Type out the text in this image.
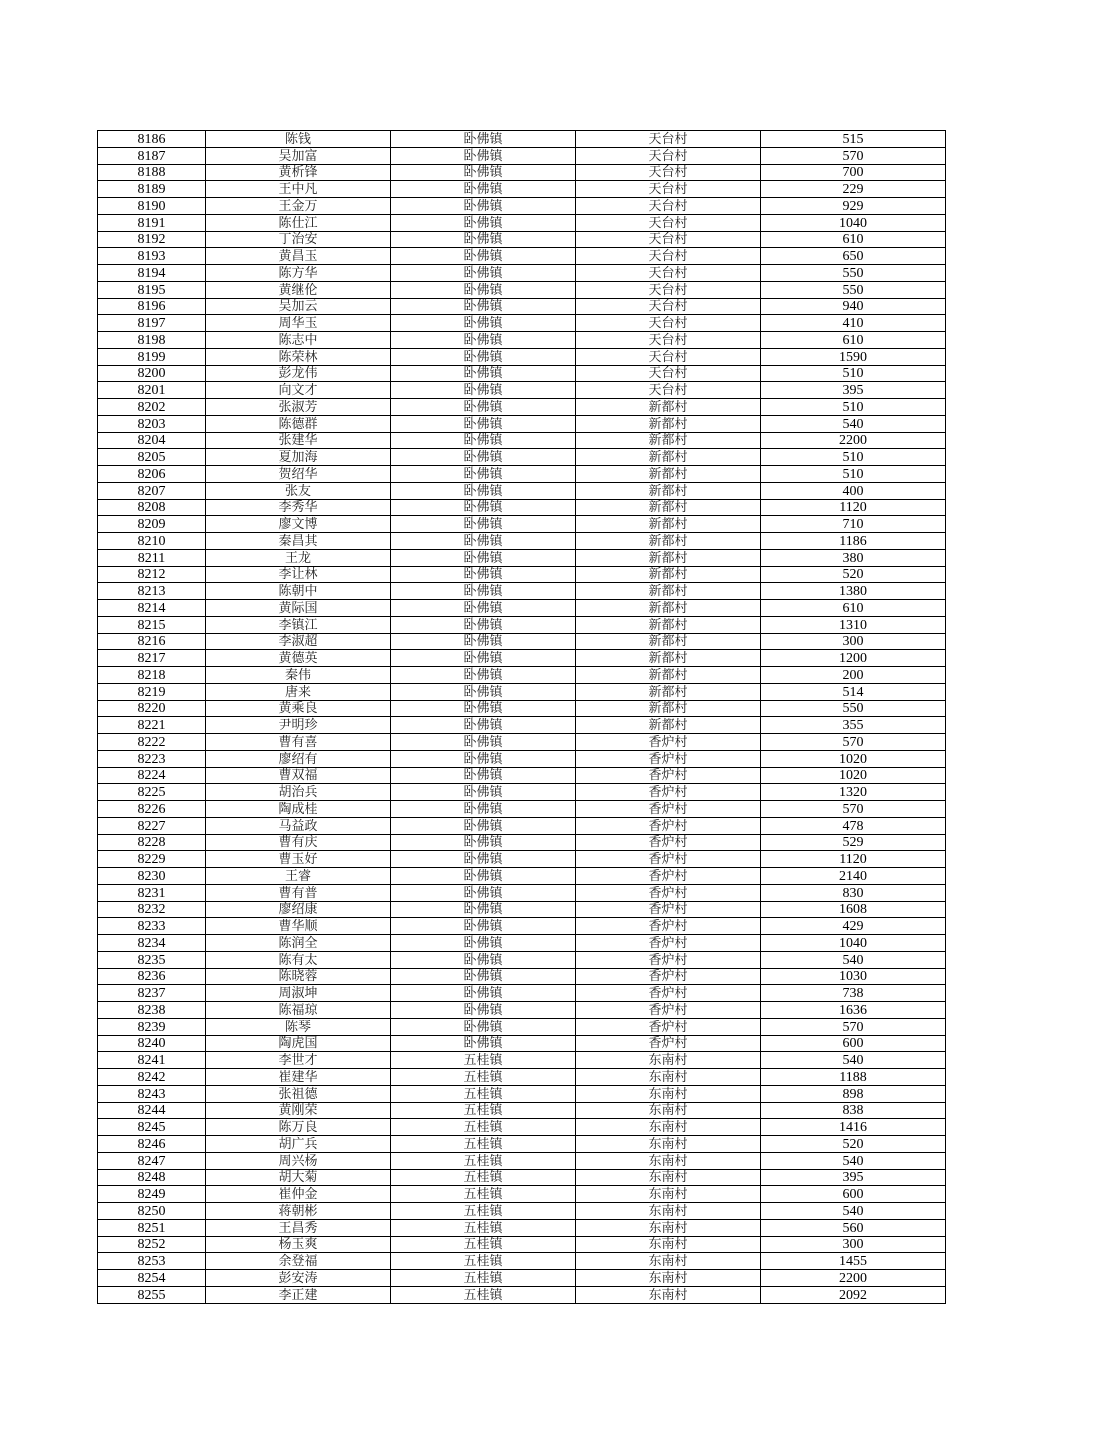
8186	陈钱	卧佛镇	天台村	515
8187	吴加富	卧佛镇	天台村	570
8188	黄析锋	卧佛镇	天台村	700
8189	王中凡	卧佛镇	天台村	229
8190	王金万	卧佛镇	天台村	929
8191	陈仕江	卧佛镇	天台村	1040
8192	丁治安	卧佛镇	天台村	610
8193	黄昌玉	卧佛镇	天台村	650
8194	陈方华	卧佛镇	天台村	550
8195	黄继伦	卧佛镇	天台村	550
8196	吴加云	卧佛镇	天台村	940
8197	周华玉	卧佛镇	天台村	410
8198	陈志中	卧佛镇	天台村	610
8199	陈荣林	卧佛镇	天台村	1590
8200	彭龙伟	卧佛镇	天台村	510
8201	向文才	卧佛镇	天台村	395
8202	张淑芳	卧佛镇	新都村	510
8203	陈德群	卧佛镇	新都村	540
8204	张建华	卧佛镇	新都村	2200
8205	夏加海	卧佛镇	新都村	510
8206	贺绍华	卧佛镇	新都村	510
8207	张友	卧佛镇	新都村	400
8208	李秀华	卧佛镇	新都村	1120
8209	廖文博	卧佛镇	新都村	710
8210	秦昌其	卧佛镇	新都村	1186
8211	王龙	卧佛镇	新都村	380
8212	李让林	卧佛镇	新都村	520
8213	陈朝中	卧佛镇	新都村	1380
8214	黄际国	卧佛镇	新都村	610
8215	李镇江	卧佛镇	新都村	1310
8216	李淑超	卧佛镇	新都村	300
8217	黄德英	卧佛镇	新都村	1200
8218	秦伟	卧佛镇	新都村	200
8219	唐来	卧佛镇	新都村	514
8220	黄乘良	卧佛镇	新都村	550
8221	尹明珍	卧佛镇	新都村	355
8222	曹有喜	卧佛镇	香炉村	570
8223	廖绍有	卧佛镇	香炉村	1020
8224	曹双福	卧佛镇	香炉村	1020
8225	胡治兵	卧佛镇	香炉村	1320
8226	陶成桂	卧佛镇	香炉村	570
8227	马益政	卧佛镇	香炉村	478
8228	曹有庆	卧佛镇	香炉村	529
8229	曹玉好	卧佛镇	香炉村	1120
8230	王睿	卧佛镇	香炉村	2140
8231	曹有普	卧佛镇	香炉村	830
8232	廖绍康	卧佛镇	香炉村	1608
8233	曹华顺	卧佛镇	香炉村	429
8234	陈润全	卧佛镇	香炉村	1040
8235	陈有太	卧佛镇	香炉村	540
8236	陈晓蓉	卧佛镇	香炉村	1030
8237	周淑坤	卧佛镇	香炉村	738
8238	陈福琼	卧佛镇	香炉村	1636
8239	陈琴	卧佛镇	香炉村	570
8240	陶虎国	卧佛镇	香炉村	600
8241	李世才	五桂镇	东南村	540
8242	崔建华	五桂镇	东南村	1188
8243	张祖德	五桂镇	东南村	898
8244	黄刚荣	五桂镇	东南村	838
8245	陈万良	五桂镇	东南村	1416
8246	胡广兵	五桂镇	东南村	520
8247	周兴杨	五桂镇	东南村	540
8248	胡大菊	五桂镇	东南村	395
8249	崔仲金	五桂镇	东南村	600
8250	蒋朝彬	五桂镇	东南村	540
8251	王昌秀	五桂镇	东南村	560
8252	杨玉爽	五桂镇	东南村	300
8253	余登福	五桂镇	东南村	1455
8254	彭安涛	五桂镇	东南村	2200
8255	李正建	五桂镇	东南村	2092
